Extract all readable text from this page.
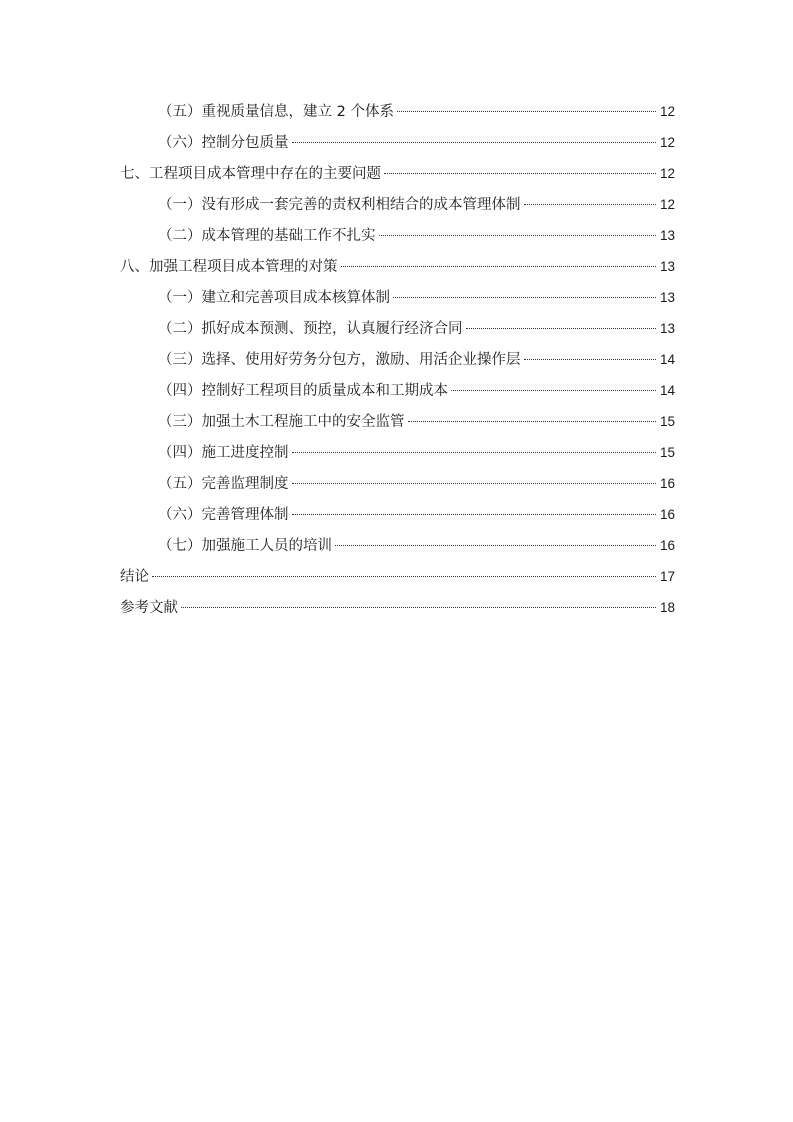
（五）重视质量信息，建立 2 个体系	12
（六）控制分包质量	12
七、工程项目成本管理中存在的主要问题	12
（一）没有形成一套完善的责权利相结合的成本管理体制	12
（二）成本管理的基础工作不扎实	13
八、加强工程项目成本管理的对策	13
（一）建立和完善项目成本核算体制	13
（二）抓好成本预测、预控，认真履行经济合同	13
（三）选择、使用好劳务分包方，激励、用活企业操作层	14
（四）控制好工程项目的质量成本和工期成本	14
（三）加强土木工程施工中的安全监管	15
（四）施工进度控制	15
（五）完善监理制度	16
（六）完善管理体制	16
（七）加强施工人员的培训	16
结论	17
参考文献	18
